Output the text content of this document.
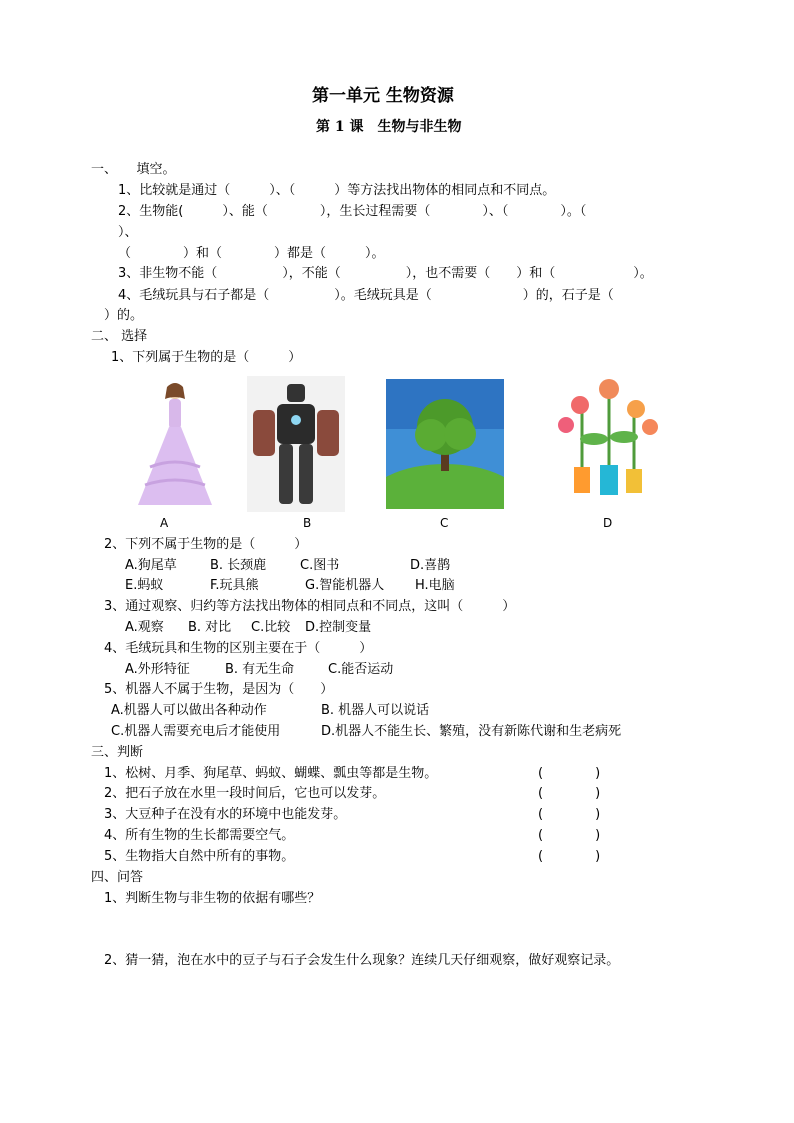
第一单元 生物资源
第 1 课　生物与非生物
一、　　填空。
1、比较就是通过（　　　）、（　　　）等方法找出物体的相同点和不同点。
2、生物能(　　　）、能（　　　　），生长过程需要（　　　　）、（　　　　）。（
）、
（　　　　）和（　　　　）都是（　　　）。
3、非生物不能（　　　　　），不能（　　　　　），也不需要（　　）和（　　　　　　）。
4、毛绒玩具与石子都是（　　　　　）。毛绒玩具是（　　　　　　　）的，石子是（
）的。
二、 选择
1、下列属于生物的是（　　　）
A	B	C	D
2、下列不属于生物的是（　　　）
A.狗尾草	B. 长颈鹿	C.图书	D.喜鹊
E.蚂蚁	F.玩具熊	G.智能机器人 H.电脑
3、通过观察、归约等方法找出物体的相同点和不同点，这叫（　　　）
A.观察 B. 对比 C.比较 D.控制变量
4、毛绒玩具和生物的区别主要在于（　　　）
A.外形特征	B. 有无生命	C.能否运动
5、机器人不属于生物，是因为（　　）
A.机器人可以做出各种动作	B. 机器人可以说话
C.机器人需要充电后才能使用	D.机器人不能生长、繁殖，没有新陈代谢和生老病死
三、判断
1、松树、月季、狗尾草、蚂蚁、蝴蝶、瓢虫等都是生物。	(　　　　)
2、把石子放在水里一段时间后，它也可以发芽。	(　　　　)
3、大豆种子在没有水的环境中也能发芽。	(　　　　)
4、所有生物的生长都需要空气。	(　　　　)
5、生物指大自然中所有的事物。	(　　　　)
四、问答
1、判断生物与非生物的依据有哪些？
2、猜一猜，泡在水中的豆子与石子会发生什么现象？连续几天仔细观察，做好观察记录。
